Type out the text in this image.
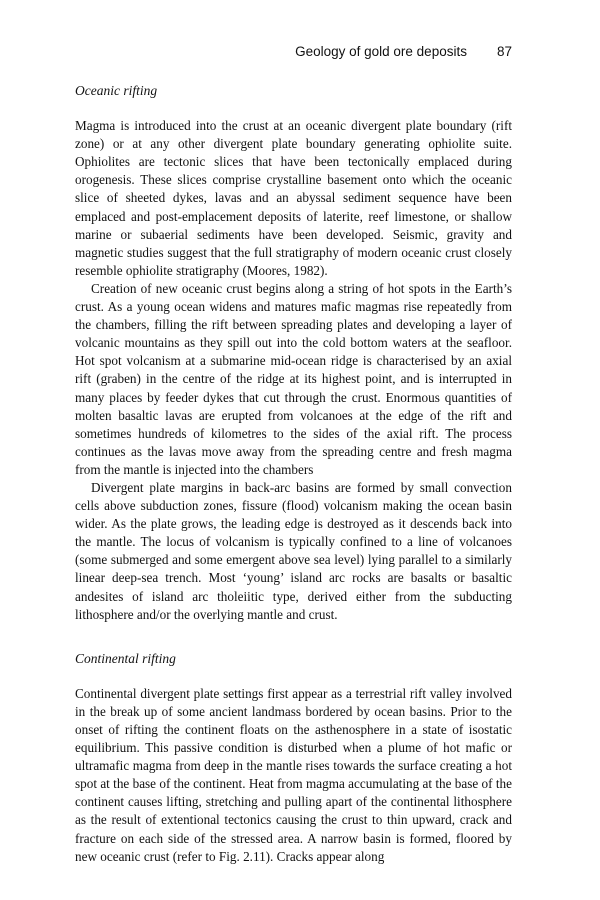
Geology of gold ore deposits 87

Oceanic rifting

Magma is introduced into the crust at an oceanic divergent plate boundary (rift zone) or at any other divergent plate boundary generating ophiolite suite. Ophiolites are tectonic slices that have been tectonically emplaced during orogenesis. These slices comprise crystalline basement onto which the oceanic slice of sheeted dykes, lavas and an abyssal sediment sequence have been emplaced and post-emplacement deposits of laterite, reef limestone, or shallow marine or subaerial sediments have been developed. Seismic, gravity and magnetic studies suggest that the full stratigraphy of modern oceanic crust closely resemble ophiolite stratigraphy (Moores, 1982).

Creation of new oceanic crust begins along a string of hot spots in the Earth’s crust. As a young ocean widens and matures mafic magmas rise repeatedly from the chambers, filling the rift between spreading plates and developing a layer of volcanic mountains as they spill out into the cold bottom waters at the seafloor. Hot spot volcanism at a submarine mid-ocean ridge is characterised by an axial rift (graben) in the centre of the ridge at its highest point, and is interrupted in many places by feeder dykes that cut through the crust. Enormous quantities of molten basaltic lavas are erupted from volcanoes at the edge of the rift and sometimes hundreds of kilometres to the sides of the axial rift. The process continues as the lavas move away from the spreading centre and fresh magma from the mantle is injected into the chambers

Divergent plate margins in back-arc basins are formed by small convection cells above subduction zones, fissure (flood) volcanism making the ocean basin wider. As the plate grows, the leading edge is destroyed as it descends back into the mantle. The locus of volcanism is typically confined to a line of volcanoes (some submerged and some emergent above sea level) lying parallel to a similarly linear deep-sea trench. Most ‘young’ island arc rocks are basalts or basaltic andesites of island arc tholeiitic type, derived either from the subducting lithosphere and/or the overlying mantle and crust.

Continental rifting

Continental divergent plate settings first appear as a terrestrial rift valley involved in the break up of some ancient landmass bordered by ocean basins. Prior to the onset of rifting the continent floats on the asthenosphere in a state of isostatic equilibrium. This passive condition is disturbed when a plume of hot mafic or ultramafic magma from deep in the mantle rises towards the surface creating a hot spot at the base of the continent. Heat from magma accumulating at the base of the continent causes lifting, stretching and pulling apart of the continental lithosphere as the result of extentional tectonics causing the crust to thin upward, crack and fracture on each side of the stressed area. A narrow basin is formed, floored by new oceanic crust (refer to Fig. 2.11). Cracks appear along
